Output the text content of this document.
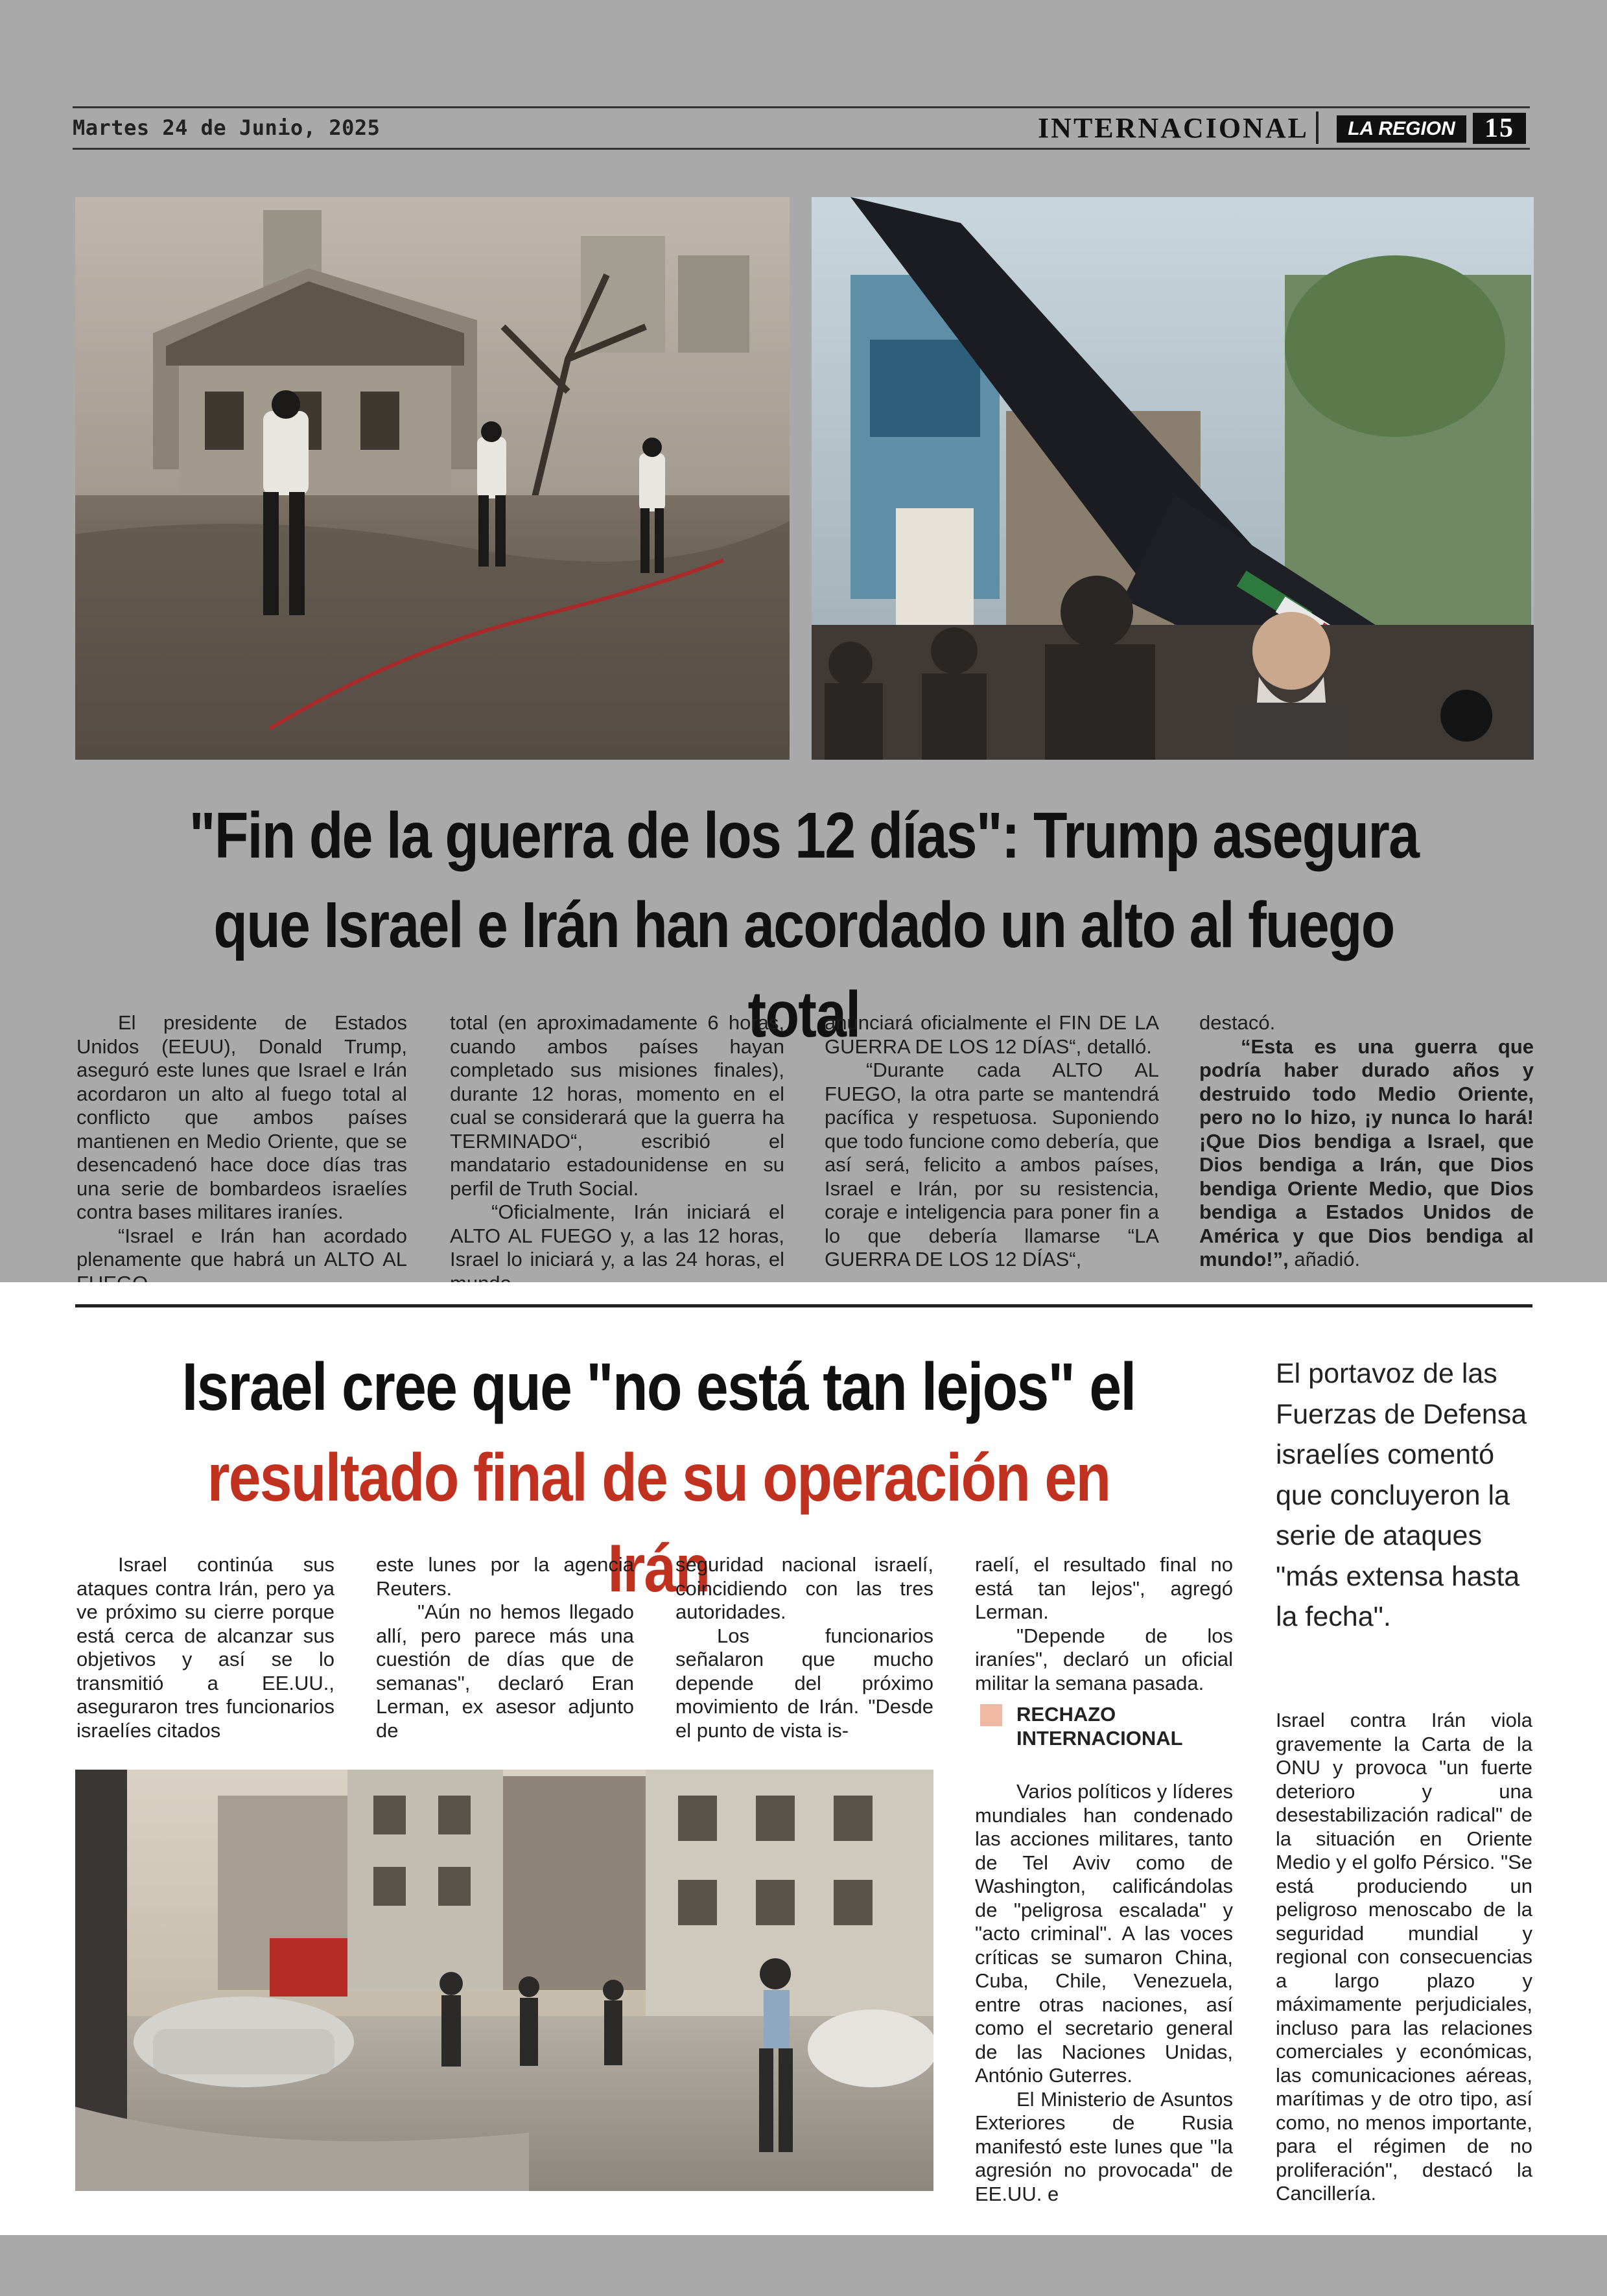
Martes 24 de Junio, 2025	INTERNACIONAL	LA REGION	15
"Fin de la guerra de los 12 días": Trump asegura
que Israel e Irán han acordado un alto al fuego total

El presidente de Estados Unidos (EEUU), Donald Trump, aseguró este lunes que Israel e Irán acordaron un alto al fuego total al conflicto que ambos países mantienen en Medio Oriente, que se desencadenó hace doce días tras una serie de bombardeos israelíes contra bases militares iraníes.

“Israel e Irán han acordado plenamente que habrá un ALTO AL

total (en aproximadamente 6 horas, cuando ambos países hayan completado sus misiones finales), durante 12 horas, momento en el cual se considerará que la guerra ha TERMINADO“, escribió el mandatario estadounidense en su perfil de Truth Social.

“Oficialmente, Irán iniciará el ALTO AL FUEGO y, a las 12 horas, Israel lo iniciará y, a las 24 horas, el

anunciará oficialmente el FIN DE LA GUERRA DE LOS 12 DÍAS“, detalló.

“Durante cada ALTO AL FUEGO, la otra parte se mantendrá pacífica y respetuosa. Suponiendo que todo funcione como debería, que así será, felicito a ambos países, Israel e Irán, por su resistencia, coraje e inteligencia para poner fin a lo que debería llamarse “LA GUERRA DE LOS 12 DÍAS“,

destacó.

“Esta es una guerra que podría haber durado años y destruido todo Medio Oriente, pero no lo hizo, ¡y nunca lo hará! ¡Que Dios bendiga a Israel, que Dios bendiga a Irán, que Dios bendiga Oriente Medio, que Dios bendiga a Estados Unidos de América y que Dios bendiga al mundo!”, añadió.

Israel cree que "no está tan lejos" el
resultado final de su operación en Irán
El portavoz de las Fuerzas de Defensa israelíes comentó que concluyeron la serie de ataques "más extensa hasta la fecha".

Israel continúa sus ataques contra Irán, pero ya ve próximo su cierre porque está cerca de alcanzar sus objetivos y así se lo transmitió a EE.UU., aseguraron tres funcionarios israelíes citados

este lunes por la agencia Reuters.

"Aún no hemos llegado allí, pero parece más una cuestión de días que de semanas", declaró Eran Lerman, ex asesor adjunto de

seguridad nacional israelí, coincidiendo con las tres autoridades.

Los funcionarios señalaron que mucho depende del próximo movimiento de Irán. "Desde el punto de vista is-

raelí, el resultado final no está tan lejos", agregó Lerman.

"Depende de los iraníes", declaró un oficial militar la semana pasada.

RECHAZO INTERNACIONAL

Varios políticos y líderes mundiales han condenado las acciones militares, tanto de Tel Aviv como de Washington, calificándolas de "peligrosa escalada" y "acto criminal". A las voces críticas se sumaron China, Cuba, Chile, Venezuela, entre otras naciones, así como el secretario general de las Naciones Unidas, António Guterres.

El Ministerio de Asuntos Exteriores de Rusia manifestó este lunes que "la agresión no provocada" de EE.UU. e

Israel contra Irán viola gravemente la Carta de la ONU y provoca "un fuerte deterioro y una desestabilización radical" de la situación en Oriente Medio y el golfo Pérsico. "Se está produciendo un peligroso menoscabo de la seguridad mundial y regional con consecuencias a largo plazo y máximamente perjudiciales, incluso para las relaciones comerciales y económicas, las comunicaciones aéreas, marítimas y de otro tipo, así como, no menos importante, para el régimen de no proliferación", destacó la Cancillería.
